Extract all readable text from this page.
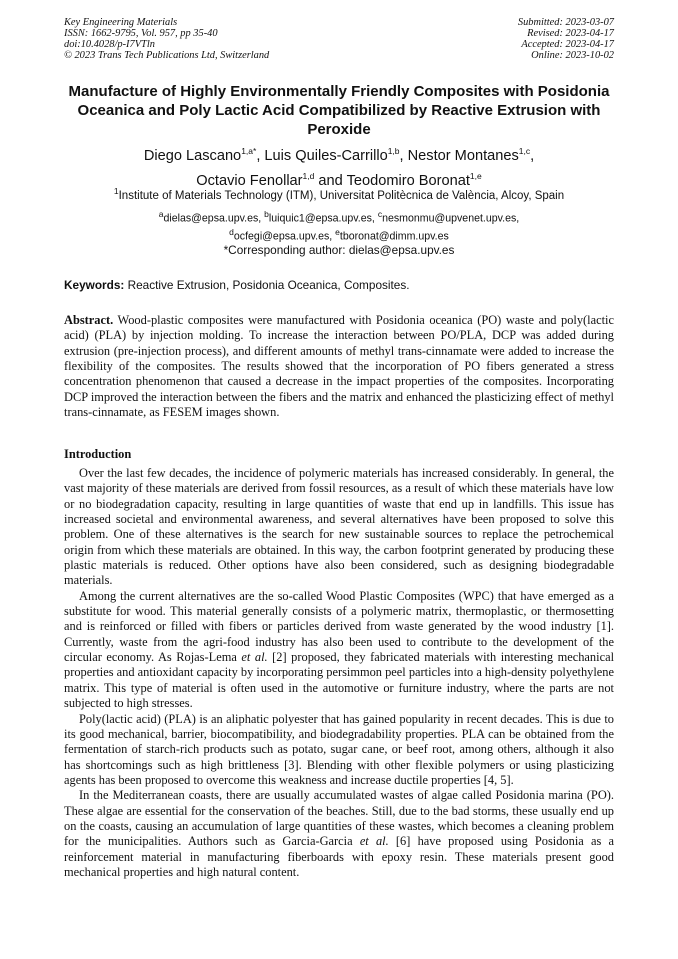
Key Engineering Materials
ISSN: 1662-9795, Vol. 957, pp 35-40
doi:10.4028/p-I7VTln
© 2023 Trans Tech Publications Ltd, Switzerland
Submitted: 2023-03-07
Revised: 2023-04-17
Accepted: 2023-04-17
Online: 2023-10-02
Manufacture of Highly Environmentally Friendly Composites with Posidonia Oceanica and Poly Lactic Acid Compatibilized by Reactive Extrusion with Peroxide
Diego Lascano$^{1,a*}$, Luis Quiles-Carrillo$^{1,b}$, Nestor Montanes$^{1,c}$,
Octavio Fenollar$^{1,d}$ and Teodomiro Boronat$^{1,e}$
$^1$Institute of Materials Technology (ITM), Universitat Politècnica de València, Alcoy, Spain
$^a$dielas@epsa.upv.es, $^b$luiquic1@epsa.upv.es, $^c$nesmonmu@upvenet.upv.es,
$^d$ocfegi@epsa.upv.es, $^e$tboronat@dimm.upv.es
*Corresponding author: dielas@epsa.upv.es
Keywords: Reactive Extrusion, Posidonia Oceanica, Composites.

Abstract. Wood-plastic composites were manufactured with Posidonia oceanica (PO) waste and poly(lactic acid) (PLA) by injection molding. To increase the interaction between PO/PLA, DCP was added during extrusion (pre-injection process), and different amounts of methyl trans-cinnamate were added to increase the flexibility of the composites. The results showed that the incorporation of PO fibers generated a stress concentration phenomenon that caused a decrease in the impact properties of the composites. Incorporating DCP improved the interaction between the fibers and the matrix and enhanced the plasticizing effect of methyl trans-cinnamate, as FESEM images shown.

Introduction

Over the last few decades, the incidence of polymeric materials has increased considerably. In general, the vast majority of these materials are derived from fossil resources, as a result of which these materials have low or no biodegradation capacity, resulting in large quantities of waste that end up in landfills. This issue has increased societal and environmental awareness, and several alternatives have been proposed to solve this problem. One of these alternatives is the search for new sustainable sources to replace the petrochemical origin from which these materials are obtained. In this way, the carbon footprint generated by producing these plastic materials is reduced. Other options have also been considered, such as designing biodegradable materials.

Among the current alternatives are the so-called Wood Plastic Composites (WPC) that have emerged as a substitute for wood. This material generally consists of a polymeric matrix, thermoplastic, or thermosetting and is reinforced or filled with fibers or particles derived from waste generated by the wood industry [1]. Currently, waste from the agri-food industry has also been used to contribute to the development of the circular economy. As Rojas-Lema et al. [2] proposed, they fabricated materials with interesting mechanical properties and antioxidant capacity by incorporating persimmon peel particles into a high-density polyethylene matrix. This type of material is often used in the automotive or furniture industry, where the parts are not subjected to high stresses.

Poly(lactic acid) (PLA) is an aliphatic polyester that has gained popularity in recent decades. This is due to its good mechanical, barrier, biocompatibility, and biodegradability properties. PLA can be obtained from the fermentation of starch-rich products such as potato, sugar cane, or beef root, among others, although it also has shortcomings such as high brittleness [3]. Blending with other flexible polymers or using plasticizing agents has been proposed to overcome this weakness and increase ductile properties [4, 5].

In the Mediterranean coasts, there are usually accumulated wastes of algae called Posidonia marina (PO). These algae are essential for the conservation of the beaches. Still, due to the bad storms, these usually end up on the coasts, causing an accumulation of large quantities of these wastes, which becomes a cleaning problem for the municipalities. Authors such as Garcia-Garcia et al. [6] have proposed using Posidonia as a reinforcement material in manufacturing fiberboards with epoxy resin. These materials present good mechanical properties and high natural content.
